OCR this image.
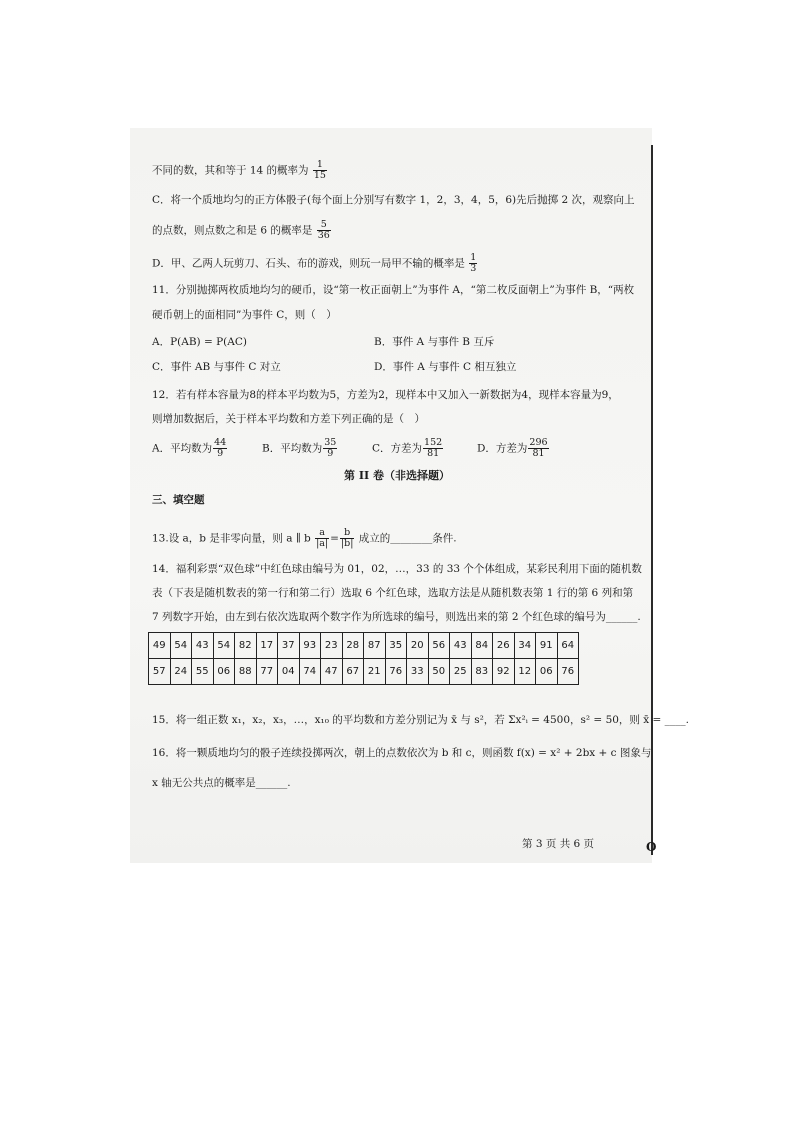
O
不同的数，其和等于 14 的概率为 $\frac{1}{15}$
C．将一个质地均匀的正方体骰子(每个面上分别写有数字 1，2，3，4，5，6)先后抛掷 2 次，观察向上
的点数，则点数之和是 6 的概率是 $\frac{5}{36}$
D．甲、乙两人玩剪刀、石头、布的游戏，则玩一局甲不输的概率是 $\frac{1}{3}$
11．分别抛掷两枚质地均匀的硬币，设“第一枚正面朝上”为事件 A，“第二枚反面朝上”为事件 B，“两枚
硬币朝上的面相同”为事件 C，则（　）
A．P(AB) = P(AC)	B．事件 A 与事件 B 互斥
C．事件 AB 与事件 C 对立	D．事件 A 与事件 C 相互独立
12．若有样本容量为8的样本平均数为5，方差为2，现样本中又加入一新数据为4，现样本容量为9，
则增加数据后，关于样本平均数和方差下列正确的是（　）
A．平均数为 $\frac{44}{9}$	B．平均数为 $\frac{35}{9}$	C．方差为 $\frac{152}{81}$	D．方差为 $\frac{296}{81}$
第 II 卷（非选择题）
三、填空题
13.设 a，b 是非零向量，则 a ∥ b $\frac{a}{|a|} = \frac{b}{|b|}$ 成立的________条件.
14．福利彩票“双色球”中红色球由编号为 01，02，…，33 的 33 个个体组成，某彩民利用下面的随机数
表（下表是随机数表的第一行和第二行）选取 6 个红色球，选取方法是从随机数表第 1 行的第 6 列和第
7 列数字开始，由左到右依次选取两个数字作为所选球的编号，则选出来的第 2 个红色球的编号为______.
49	54	43	54	82	17	37	93	23	28	87	35	20	56	43	84	26	34	91	64
57	24	55	06	88	77	04	74	47	67	21	76	33	50	25	83	92	12	06	76
15．将一组正数 x₁，x₂，x₃，…，x₁₀ 的平均数和方差分别记为 x̄ 与 s²，若 Σx²ᵢ = 4500，s² = 50，则 x̄ = ____.
16．将一颗质地均匀的骰子连续投掷两次，朝上的点数依次为 b 和 c，则函数 f(x) = x² + 2bx + c 图象与
x 轴无公共点的概率是______.
第 3 页 共 6 页
